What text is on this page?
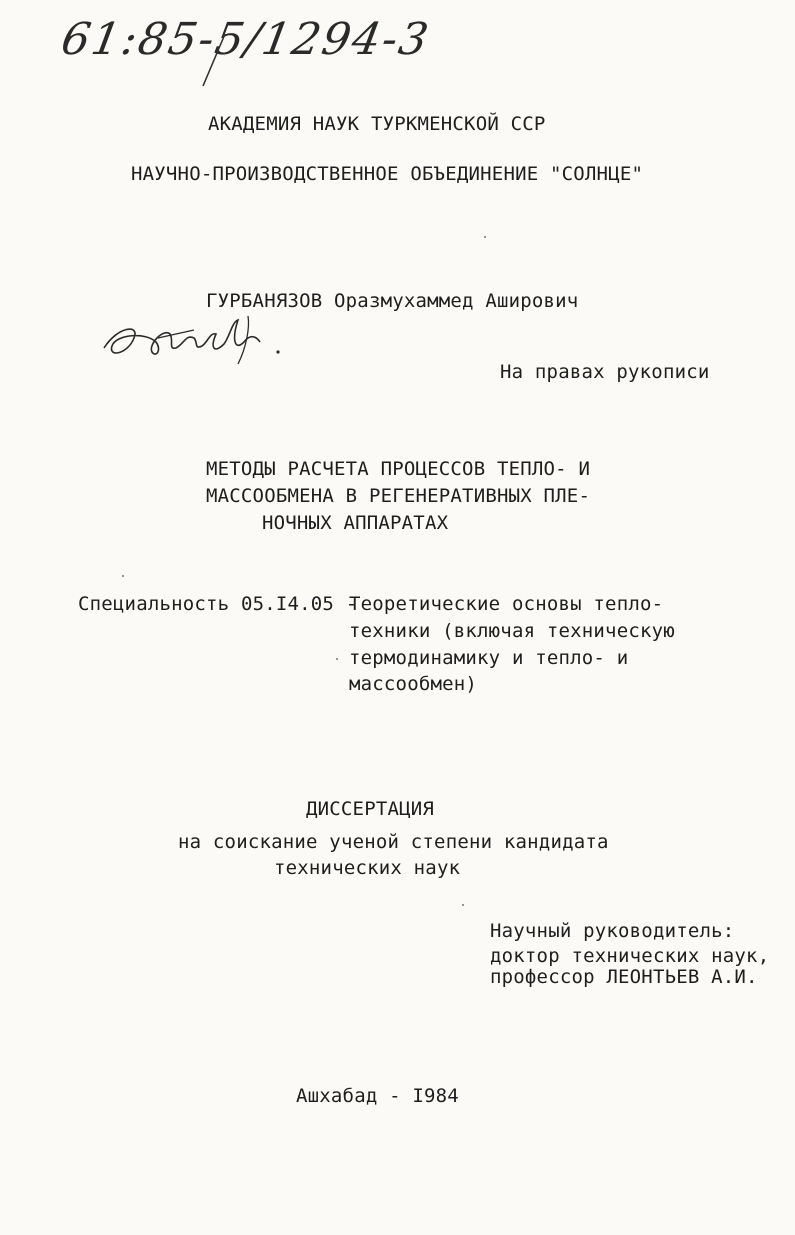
61:85-5/1294-3
АКАДЕМИЯ НАУК ТУРКМЕНСКОЙ ССР
НАУЧНО-ПРОИЗВОДСТВЕННОЕ ОБЪЕДИНЕНИЕ "СОЛНЦЕ"
ГУРБАНЯЗОВ Оразмухаммед Аширович
На правах рукописи
МЕТОДЫ РАСЧЕТА ПРОЦЕССОВ ТЕПЛО- И
МАССООБМЕНА В РЕГЕНЕРАТИВНЫХ ПЛЕ-
НОЧНЫХ АППАРАТАХ
Специальность 05.I4.05 -
Теоретические основы тепло-
техники (включая техническую
термодинамику и тепло- и
массообмен)
ДИССЕРТАЦИЯ
на соискание ученой степени кандидата
технических наук
Научный руководитель:
доктор технических наук,
профессор ЛЕОНТЬЕВ А.И.
Ашхабад - I984
